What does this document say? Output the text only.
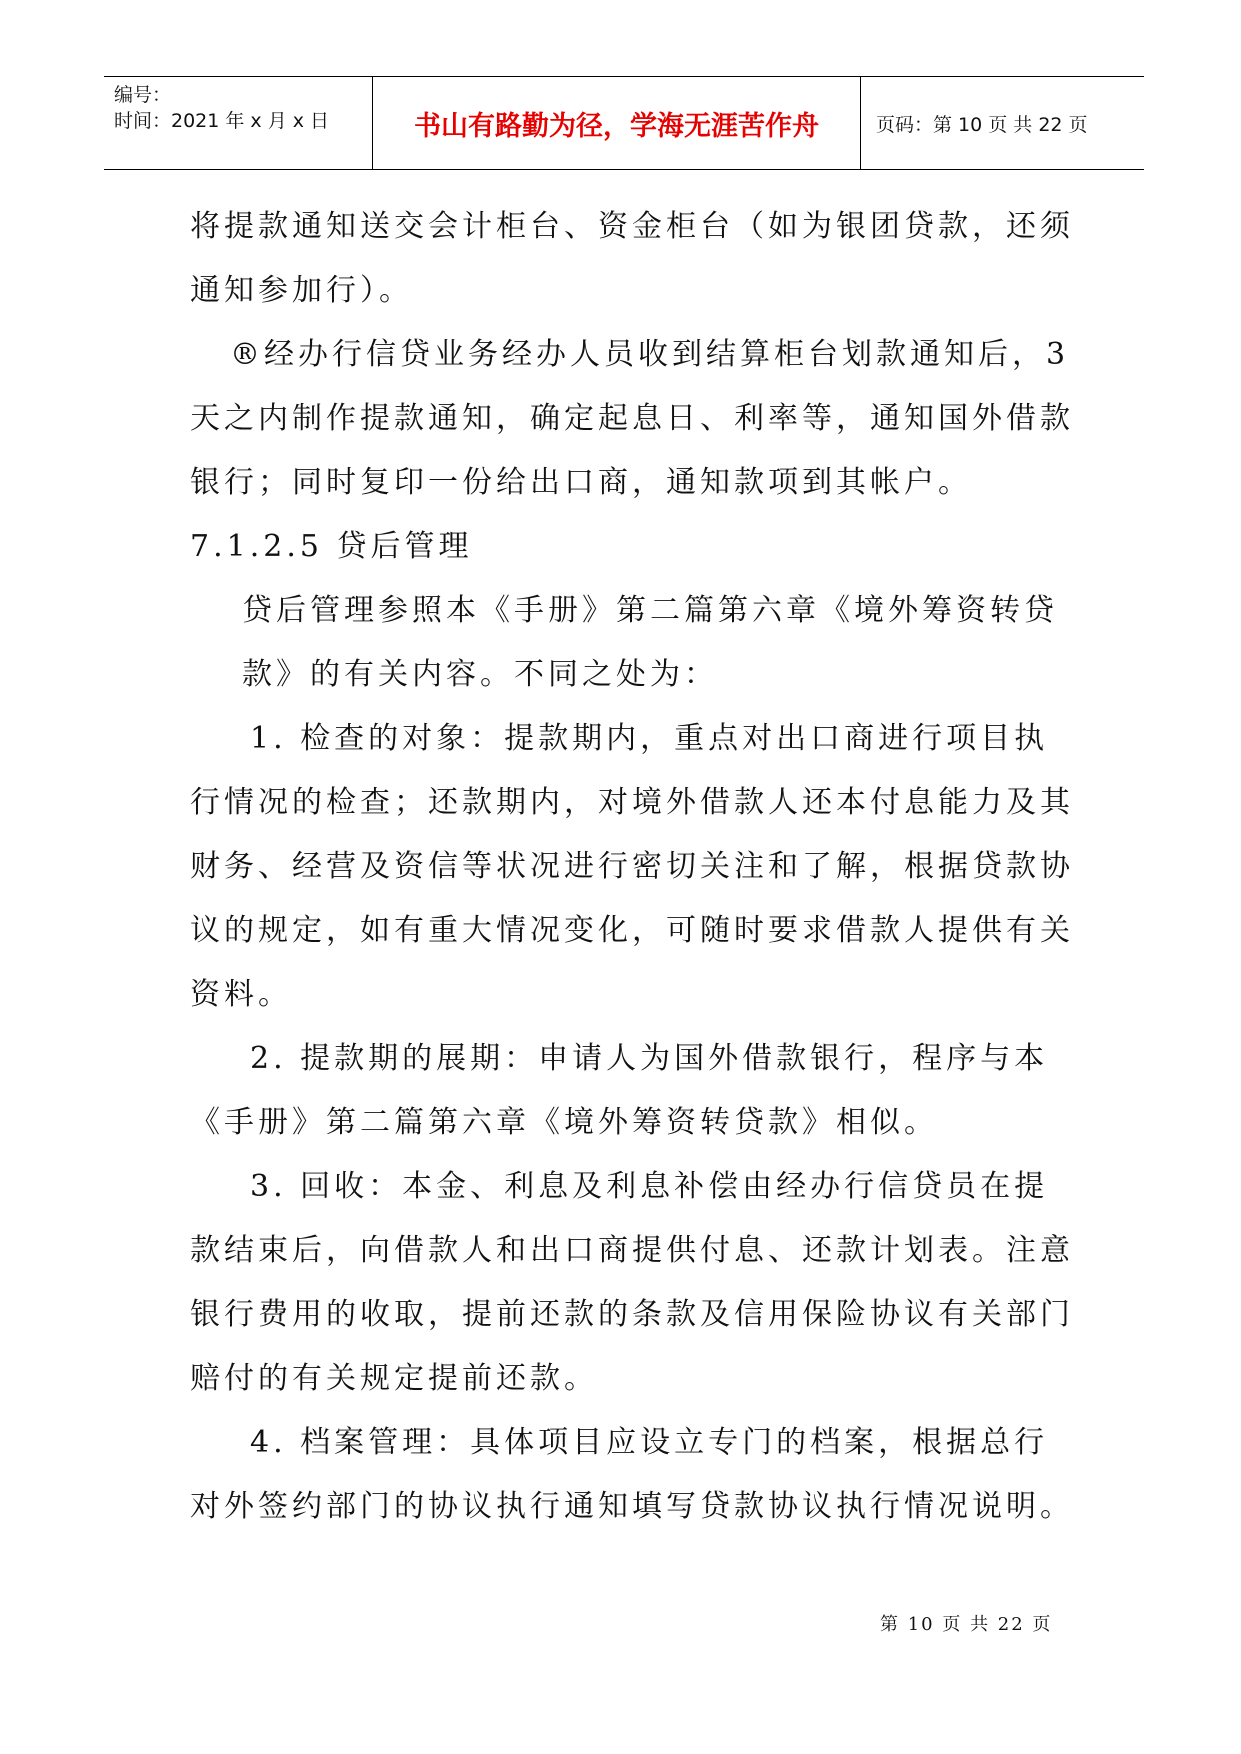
编号：
时间：2021 年 x 月 x 日	书山有路勤为径，学海无涯苦作舟	页码：第 10 页 共 22 页
将提款通知送交会计柜台、资金柜台（如为银团贷款，还须
通知参加行）。
®经办行信贷业务经办人员收到结算柜台划款通知后，3
天之内制作提款通知，确定起息日、利率等，通知国外借款
银行；同时复印一份给出口商，通知款项到其帐户。
7.1.2.5 贷后管理
贷后管理参照本《手册》第二篇第六章《境外筹资转贷
款》的有关内容。不同之处为：
1. 检查的对象：提款期内，重点对出口商进行项目执
行情况的检查；还款期内，对境外借款人还本付息能力及其
财务、经营及资信等状况进行密切关注和了解，根据贷款协
议的规定，如有重大情况变化，可随时要求借款人提供有关
资料。
2. 提款期的展期：申请人为国外借款银行，程序与本
《手册》第二篇第六章《境外筹资转贷款》相似。
3. 回收：本金、利息及利息补偿由经办行信贷员在提
款结束后，向借款人和出口商提供付息、还款计划表。注意
银行费用的收取，提前还款的条款及信用保险协议有关部门
赔付的有关规定提前还款。
4. 档案管理：具体项目应设立专门的档案，根据总行
对外签约部门的协议执行通知填写贷款协议执行情况说明。
第 10 页 共 22 页
